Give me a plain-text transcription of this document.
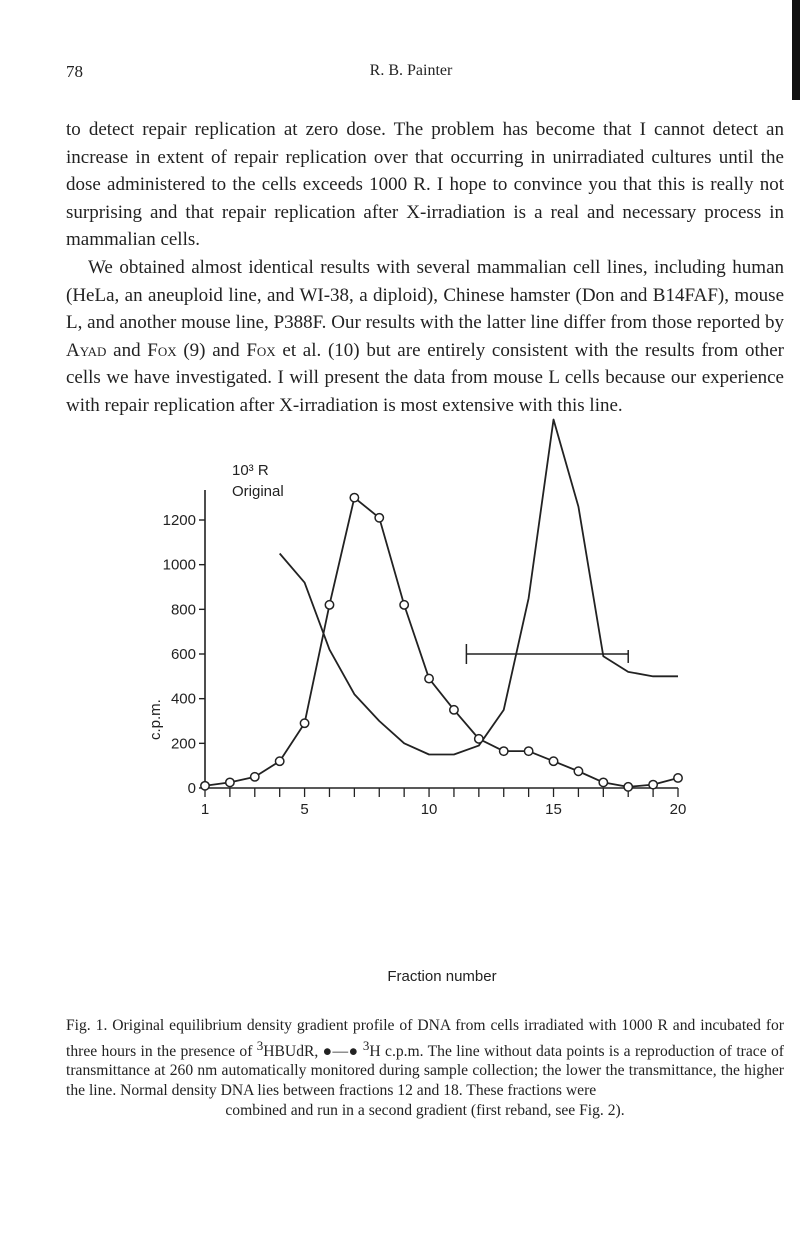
78	R. B. Painter

to detect repair replication at zero dose. The problem has become that I cannot detect an increase in extent of repair replication over that occurring in unirradiated cultures until the dose administered to the cells exceeds 1000 R. I hope to convince you that this is really not surprising and that repair replication after X-irradiation is a real and necessary process in mammalian cells.

We obtained almost identical results with several mammalian cell lines, including human (HeLa, an aneuploid line, and WI-38, a diploid), Chinese hamster (Don and B14FAF), mouse L, and another mouse line, P388F. Our results with the latter line differ from those reported by Ayad and Fox (9) and Fox et al. (10) but are entirely consistent with the results from other cells we have investigated. I will present the data from mouse L cells because our experience with repair replication after X-irradiation is most extensive with this line.

0
200
400
600
800
1000
1200
1	5	10	15	20
10³ R
Original
Fraction number
c.p.m.
Fig. 1. Original equilibrium density gradient profile of DNA from cells irradiated with 1000 R and incubated for three hours in the presence of $^3$HBUdR, ●—● $^3$H c.p.m. The line without data points is a reproduction of trace of transmittance at 260 nm automatically monitored during sample collection; the lower the transmittance, the higher the line. Normal density DNA lies between fractions 12 and 18. These fractions were
combined and run in a second gradient (first reband, see Fig. 2).
